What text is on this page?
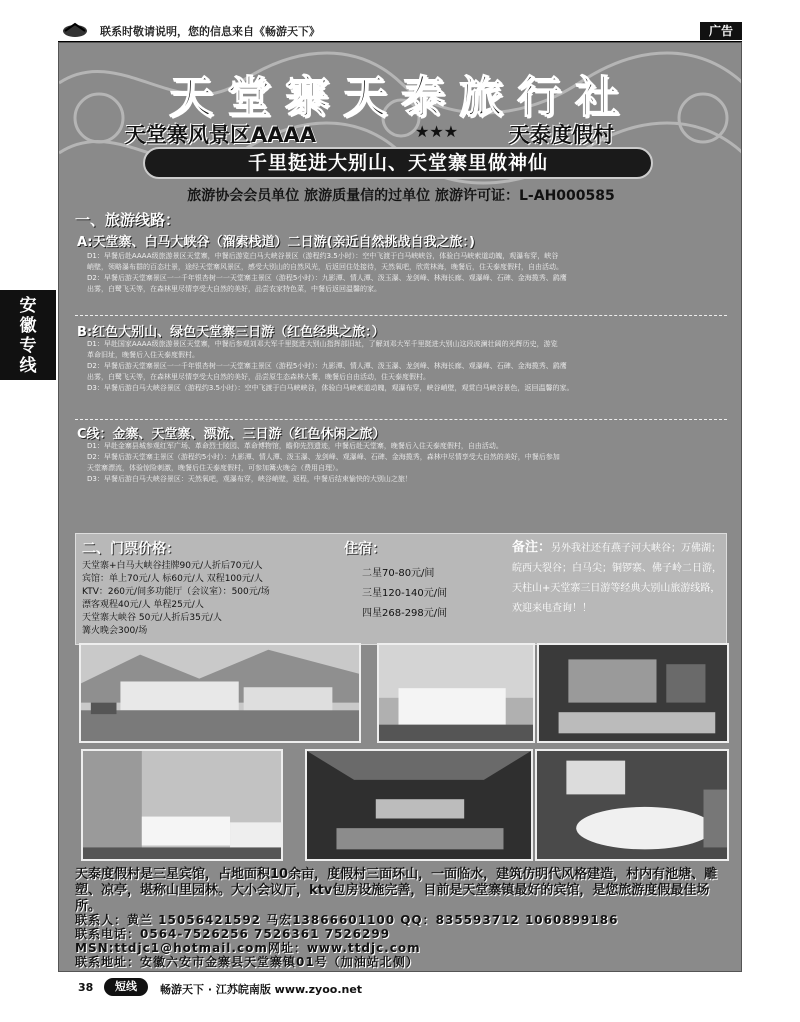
联系时敬请说明，您的信息来自《畅游天下》	广告
安
徽
专
线
天堂寨天泰旅行社
天堂寨风景区AAAA	★★★ 天泰度假村
千里挺进大别山、天堂寨里做神仙
旅游协会会员单位 旅游质量信的过单位 旅游许可证：L-AH000585
一、旅游线路：
A:天堂寨、白马大峡谷（溜索栈道）二日游(亲近自然挑战自我之旅：)

D1：早餐后赴AAAA级旅游景区天堂寨，中餐后游览白马大峡谷景区（游程约3.5小时）：空中飞渡于白马峡峡谷，体验白马峡索道动魄，观瀑布穿，峡谷

峭壁，领略瀑布群的百态壮景，途经天堂寨风景区，感受大别山的自然风光，后返回住处接待，天然氧吧，欣赏林海，晚餐后，住天泰度假村，自由活动。

D2：早餐后游天堂寨景区一一千年银杏树一一天堂寨主景区（游程5小时）：九影潭、情人潭、泼玉瀑、龙剑峰、林海长廊、观瀑峰、石碑、金海揽秀、鹞鹰

出雾，白鹭飞天等，在森林里尽情享受大自然的美好，品尝农家特色菜，中餐后返回温馨的家。

B:红色大别山、绿色天堂寨三日游（红色经典之旅：）

D1：早赴国家AAAA级旅游景区天堂寨，中餐后参观刘邓大军千里挺进大别山指挥部旧址，了解刘邓大军千里挺进大别山这段波澜壮阔的光辉历史，游览

革命旧址，晚餐后入住天泰度假村。

D2：早餐后游天堂寨景区一一千年银杏树一一天堂寨主景区（游程5小时）：九影潭、情人潭、泼玉瀑、龙剑峰、林海长廊、观瀑峰、石碑、金海揽秀、鹞鹰

出雾，白鹭飞天等，在森林里尽情享受大自然的美好，品尝原生态森林大餐，晚餐后自由活动，住天泰度假村。

D3：早餐后游白马大峡谷景区（游程约3.5小时）：空中飞渡于白马峡峡谷，体验白马峡索道动魄，观瀑布穿，峡谷峭壁，观赏白马峡谷景色，返回温馨的家。

C线：金寨、天堂寨、漂流、三日游（红色休闲之旅）

D1：早赴金寨县城参观红军广场、革命烈士陵园、革命博物馆，瞻仰先烈遗迹，中餐后赴天堂寨，晚餐后入住天泰度假村，自由活动。

D2：早餐后游天堂寨主景区（游程约5小时）：九影潭、情人潭、泼玉瀑、龙剑峰、观瀑峰、石碑、金海揽秀，森林中尽情享受大自然的美好，中餐后参加

天堂寨漂流，体验惊险刺激，晚餐后住天泰度假村，可参加篝火晚会（费用自理）。

D3：早餐后游白马大峡谷景区：天然氧吧，观瀑布穿，峡谷峭壁，返程，中餐后结束愉快的大别山之旅！

二、门票价格：
天堂寨+白马大峡谷挂牌90元/人折后70元/人
宾馆：单上70元/人 标60元/人 双程100元/人
KTV：260元/间多功能厅（会议室）：500元/场
漂客观程40元/人 单程25元/人
天堂寨大峡谷 50元/人折后35元/人
篝火晚会300/场
住宿：
二星70-80元/间
三星120-140元/间
四星268-298元/间
备注：另外我社还有燕子河大峡谷；万佛湖；皖西大裂谷；白马尖；铜锣寨、佛子岭二日游，天柱山+天堂寨三日游等经典大别山旅游线路，欢迎来电查询！！
天泰度假村是三星宾馆，占地面积10余亩，度假村三面环山，一面临水，建筑仿明代风格建造，村内有池塘、雕塑、凉亭，堪称山里园林。大小会议厅，ktv包房设施完善，目前是天堂寨镇最好的宾馆，是您旅游度假最佳场所。
联系人：黄兰 15056421592 马宏13866601100 QQ：835593712 1060899186
联系电话：0564-7526256 7526361 7526299
MSN:ttdjc1@hotmail.com网址：www.ttdjc.com
联系地址：安徽六安市金寨县天堂寨镇01号（加油站北侧）
38	短线	畅游天下 · 江苏皖南版 www.zyoo.net
